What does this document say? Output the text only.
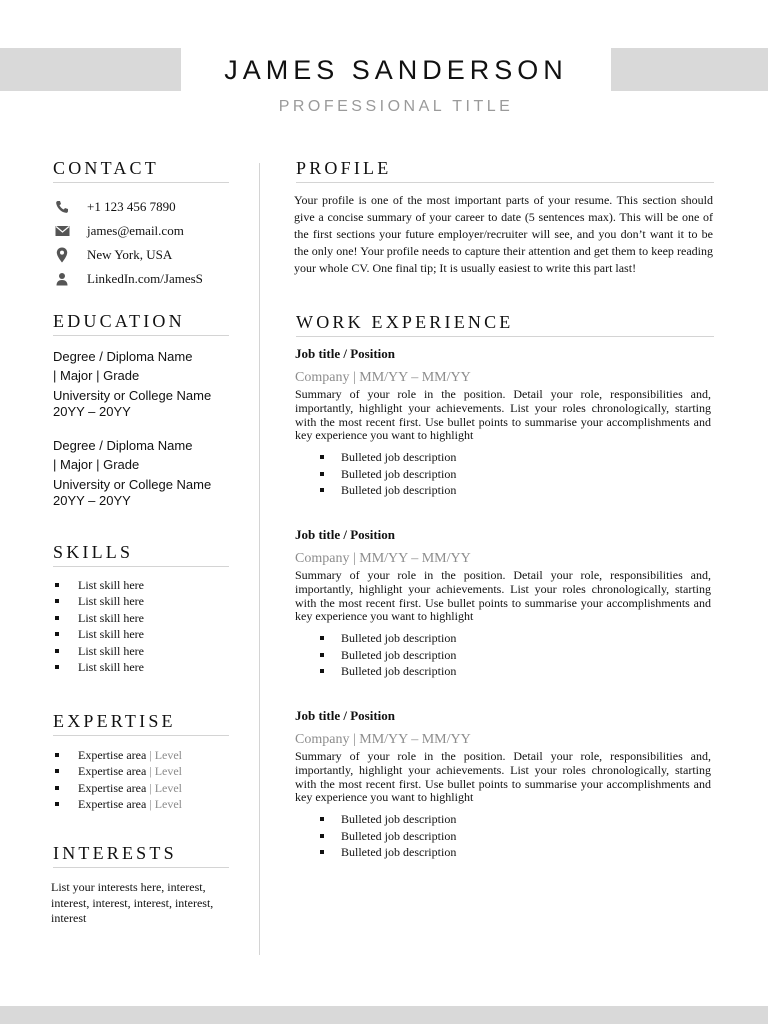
JAMES SANDERSON
PROFESSIONAL TITLE
CONTACT
+1 123 456 7890
james@email.com
New York, USA
LinkedIn.com/JamesS
EDUCATION
Degree / Diploma Name
| Major | Grade
University or College Name
20YY – 20YY
Degree / Diploma Name
| Major | Grade
University or College Name
20YY – 20YY
SKILLS
List skill here
List skill here
List skill here
List skill here
List skill here
List skill here
EXPERTISE
Expertise area | Level
Expertise area | Level
Expertise area | Level
Expertise area | Level
INTERESTS
List your interests here, interest, interest, interest, interest, interest, interest
PROFILE
Your profile is one of the most important parts of your resume. This section should give a concise summary of your career to date (5 sentences max). This will be one of the first sections your future employer/recruiter will see, and you don’t want it to be the only one! Your profile needs to capture their attention and get them to keep reading your whole CV. One final tip; It is usually easiest to write this part last!
WORK EXPERIENCE
Job title / Position
Company | MM/YY – MM/YY
Summary of your role in the position. Detail your role, responsibilities and, importantly, highlight your achievements. List your roles chronologically, starting with the most recent first. Use bullet points to summarise your accomplishments and key experience you want to highlight
Bulleted job description
Bulleted job description
Bulleted job description
Job title / Position
Company | MM/YY – MM/YY
Summary of your role in the position. Detail your role, responsibilities and, importantly, highlight your achievements. List your roles chronologically, starting with the most recent first. Use bullet points to summarise your accomplishments and key experience you want to highlight
Bulleted job description
Bulleted job description
Bulleted job description
Job title / Position
Company | MM/YY – MM/YY
Summary of your role in the position. Detail your role, responsibilities and, importantly, highlight your achievements. List your roles chronologically, starting with the most recent first. Use bullet points to summarise your accomplishments and key experience you want to highlight
Bulleted job description
Bulleted job description
Bulleted job description
